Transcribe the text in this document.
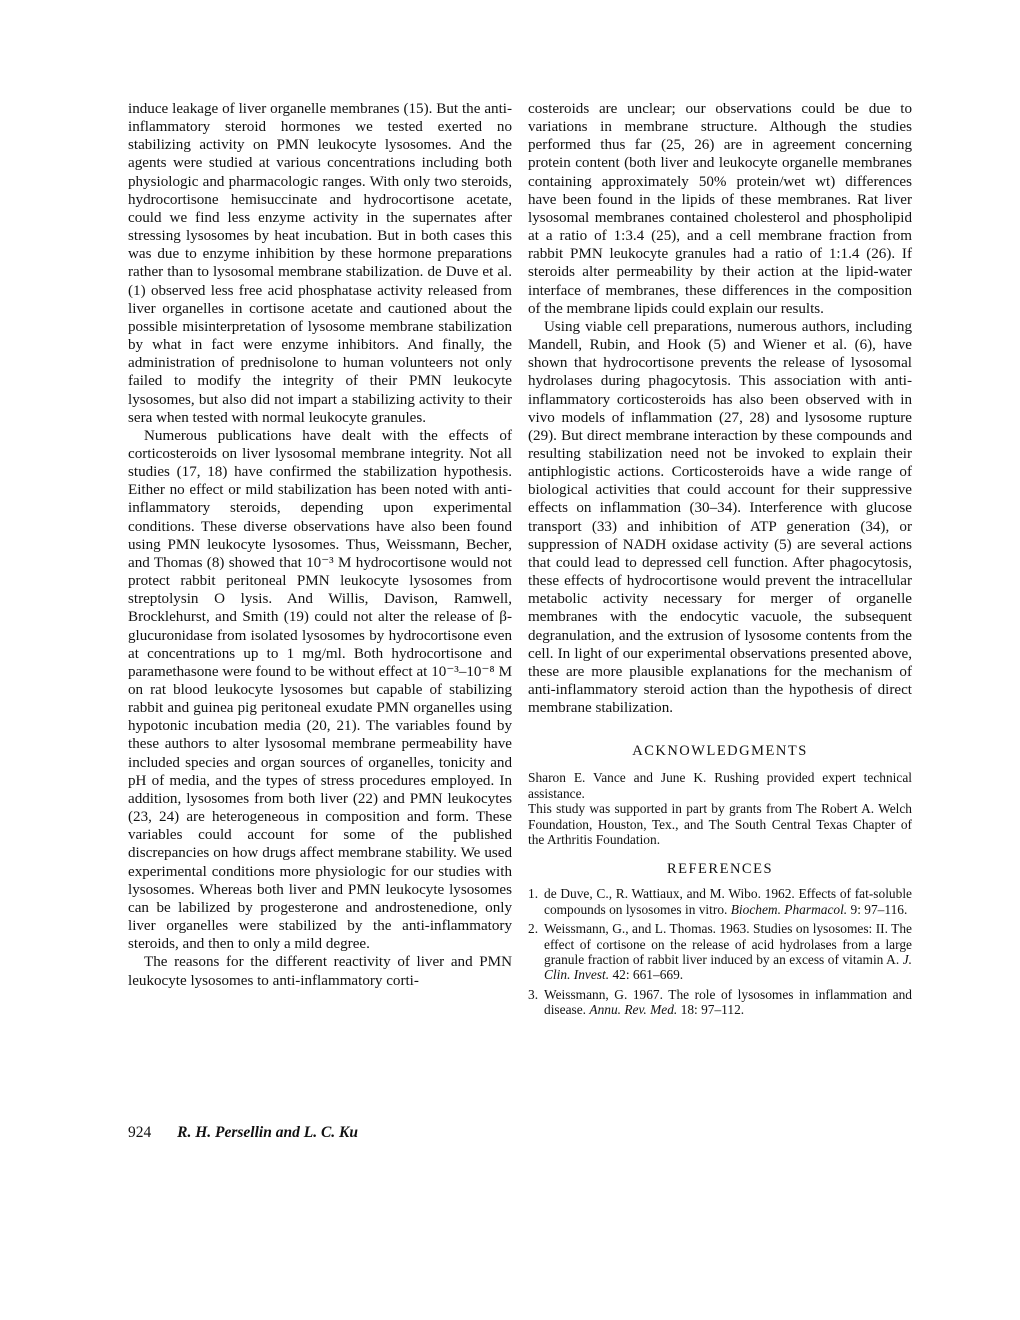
induce leakage of liver organelle membranes (15). But the anti-inflammatory steroid hormones we tested exerted no stabilizing activity on PMN leukocyte lysosomes. And the agents were studied at various concentrations including both physiologic and pharmacologic ranges. With only two steroids, hydrocortisone hemisuccinate and hydrocortisone acetate, could we find less enzyme activity in the supernates after stressing lysosomes by heat incubation. But in both cases this was due to enzyme inhibition by these hormone preparations rather than to lysosomal membrane stabilization. de Duve et al. (1) observed less free acid phosphatase activity released from liver organelles in cortisone acetate and cautioned about the possible misinterpretation of lysosome membrane stabilization by what in fact were enzyme inhibitors. And finally, the administration of prednisolone to human volunteers not only failed to modify the integrity of their PMN leukocyte lysosomes, but also did not impart a stabilizing activity to their sera when tested with normal leukocyte granules.

Numerous publications have dealt with the effects of corticosteroids on liver lysosomal membrane integrity. Not all studies (17, 18) have confirmed the stabilization hypothesis. Either no effect or mild stabilization has been noted with anti-inflammatory steroids, depending upon experimental conditions. These diverse observations have also been found using PMN leukocyte lysosomes. Thus, Weissmann, Becher, and Thomas (8) showed that 10⁻³ M hydrocortisone would not protect rabbit peritoneal PMN leukocyte lysosomes from streptolysin O lysis. And Willis, Davison, Ramwell, Brocklehurst, and Smith (19) could not alter the release of β-glucuronidase from isolated lysosomes by hydrocortisone even at concentrations up to 1 mg/ml. Both hydrocortisone and paramethasone were found to be without effect at 10⁻³–10⁻⁸ M on rat blood leukocyte lysosomes but capable of stabilizing rabbit and guinea pig peritoneal exudate PMN organelles using hypotonic incubation media (20, 21). The variables found by these authors to alter lysosomal membrane permeability have included species and organ sources of organelles, tonicity and pH of media, and the types of stress procedures employed. In addition, lysosomes from both liver (22) and PMN leukocytes (23, 24) are heterogeneous in composition and form. These variables could account for some of the published discrepancies on how drugs affect membrane stability. We used experimental conditions more physiologic for our studies with lysosomes. Whereas both liver and PMN leukocyte lysosomes can be labilized by progesterone and androstenedione, only liver organelles were stabilized by the anti-inflammatory steroids, and then to only a mild degree.

The reasons for the different reactivity of liver and PMN leukocyte lysosomes to anti-inflammatory corti-

costeroids are unclear; our observations could be due to variations in membrane structure. Although the studies performed thus far (25, 26) are in agreement concerning protein content (both liver and leukocyte organelle membranes containing approximately 50% protein/wet wt) differences have been found in the lipids of these membranes. Rat liver lysosomal membranes contained cholesterol and phospholipid at a ratio of 1:3.4 (25), and a cell membrane fraction from rabbit PMN leukocyte granules had a ratio of 1:1.4 (26). If steroids alter permeability by their action at the lipid-water interface of membranes, these differences in the composition of the membrane lipids could explain our results.

Using viable cell preparations, numerous authors, including Mandell, Rubin, and Hook (5) and Wiener et al. (6), have shown that hydrocortisone prevents the release of lysosomal hydrolases during phagocytosis. This association with anti-inflammatory corticosteroids has also been observed with in vivo models of inflammation (27, 28) and lysosome rupture (29). But direct membrane interaction by these compounds and resulting stabilization need not be invoked to explain their antiphlogistic actions. Corticosteroids have a wide range of biological activities that could account for their suppressive effects on inflammation (30–34). Interference with glucose transport (33) and inhibition of ATP generation (34), or suppression of NADH oxidase activity (5) are several actions that could lead to depressed cell function. After phagocytosis, these effects of hydrocortisone would prevent the intracellular metabolic activity necessary for merger of organelle membranes with the endocytic vacuole, the subsequent degranulation, and the extrusion of lysosome contents from the cell. In light of our experimental observations presented above, these are more plausible explanations for the mechanism of anti-inflammatory steroid action than the hypothesis of direct membrane stabilization.

ACKNOWLEDGMENTS

Sharon E. Vance and June K. Rushing provided expert technical assistance.

This study was supported in part by grants from The Robert A. Welch Foundation, Houston, Tex., and The South Central Texas Chapter of the Arthritis Foundation.

REFERENCES
1. de Duve, C., R. Wattiaux, and M. Wibo. 1962. Effects of fat-soluble compounds on lysosomes in vitro. Biochem. Pharmacol. 9: 97–116.
2. Weissmann, G., and L. Thomas. 1963. Studies on lysosomes: II. The effect of cortisone on the release of acid hydrolases from a large granule fraction of rabbit liver induced by an excess of vitamin A. J. Clin. Invest. 42: 661–669.
3. Weissmann, G. 1967. The role of lysosomes in inflammation and disease. Annu. Rev. Med. 18: 97–112.
924 R. H. Persellin and L. C. Ku
